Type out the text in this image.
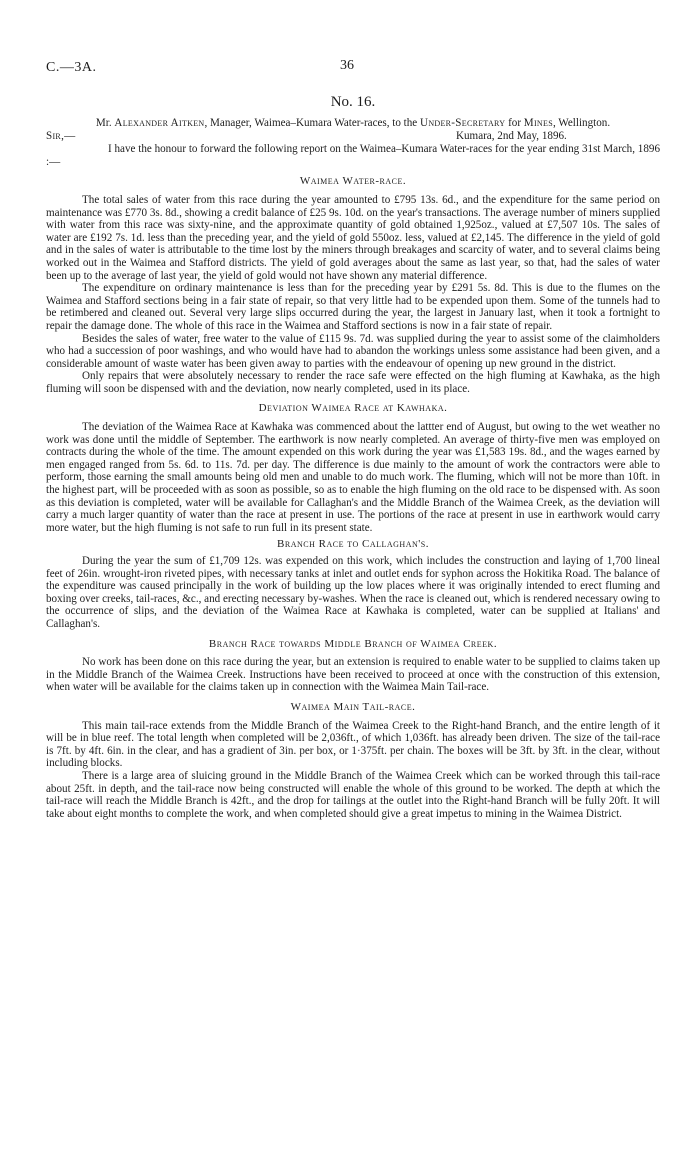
C.—3A.	36
No. 16.
Mr. Alexander Aitken, Manager, Waimea–Kumara Water-races, to the Under-Secretary for Mines, Wellington.
Sir,—	Kumara, 2nd May, 1896.

I have the honour to forward the following report on the Waimea–Kumara Water-races for the year ending 31st March, 1896 :—

Waimea Water-race.

The total sales of water from this race during the year amounted to £795 13s. 6d., and the expenditure for the same period on maintenance was £770 3s. 8d., showing a credit balance of £25 9s. 10d. on the year's transactions. The average number of miners supplied with water from this race was sixty-nine, and the approximate quantity of gold obtained 1,925oz., valued at £7,507 10s. The sales of water are £192 7s. 1d. less than the preceding year, and the yield of gold 550oz. less, valued at £2,145. The difference in the yield of gold and in the sales of water is attributable to the time lost by the miners through breakages and scarcity of water, and to several claims being worked out in the Waimea and Stafford districts. The yield of gold averages about the same as last year, so that, had the sales of water been up to the average of last year, the yield of gold would not have shown any material difference.

The expenditure on ordinary maintenance is less than for the preceding year by £291 5s. 8d. This is due to the flumes on the Waimea and Stafford sections being in a fair state of repair, so that very little had to be expended upon them. Some of the tunnels had to be retimbered and cleaned out. Several very large slips occurred during the year, the largest in January last, when it took a fortnight to repair the damage done. The whole of this race in the Waimea and Stafford sections is now in a fair state of repair.

Besides the sales of water, free water to the value of £115 9s. 7d. was supplied during the year to assist some of the claimholders who had a succession of poor washings, and who would have had to abandon the workings unless some assistance had been given, and a considerable amount of waste water has been given away to parties with the endeavour of opening up new ground in the district.

Only repairs that were absolutely necessary to render the race safe were effected on the high fluming at Kawhaka, as the high fluming will soon be dispensed with and the deviation, now nearly completed, used in its place.

Deviation Waimea Race at Kawhaka.

The deviation of the Waimea Race at Kawhaka was commenced about the lattter end of August, but owing to the wet weather no work was done until the middle of September. The earthwork is now nearly completed. An average of thirty-five men was employed on contracts during the whole of the time. The amount expended on this work during the year was £1,583 19s. 8d., and the wages earned by men engaged ranged from 5s. 6d. to 11s. 7d. per day. The difference is due mainly to the amount of work the contractors were able to perform, those earning the small amounts being old men and unable to do much work. The fluming, which will not be more than 10ft. in the highest part, will be proceeded with as soon as possible, so as to enable the high fluming on the old race to be dispensed with. As soon as this deviation is completed, water will be available for Callaghan's and the Middle Branch of the Waimea Creek, as the deviation will carry a much larger quantity of water than the race at present in use. The portions of the race at present in use in earthwork would carry more water, but the high fluming is not safe to run full in its present state.

Branch Race to Callaghan's.

During the year the sum of £1,709 12s. was expended on this work, which includes the construction and laying of 1,700 lineal feet of 26in. wrought-iron riveted pipes, with necessary tanks at inlet and outlet ends for syphon across the Hokitika Road. The balance of the expenditure was caused principally in the work of building up the low places where it was originally intended to erect fluming and boxing over creeks, tail-races, &c., and erecting necessary by-washes. When the race is cleaned out, which is rendered necessary owing to the occurrence of slips, and the deviation of the Waimea Race at Kawhaka is completed, water can be supplied at Italians' and Callaghan's.

Branch Race towards Middle Branch of Waimea Creek.

No work has been done on this race during the year, but an extension is required to enable water to be supplied to claims taken up in the Middle Branch of the Waimea Creek. Instructions have been received to proceed at once with the construction of this extension, when water will be available for the claims taken up in connection with the Waimea Main Tail-race.

Waimea Main Tail-race.

This main tail-race extends from the Middle Branch of the Waimea Creek to the Right-hand Branch, and the entire length of it will be in blue reef. The total length when completed will be 2,036ft., of which 1,036ft. has already been driven. The size of the tail-race is 7ft. by 4ft. 6in. in the clear, and has a gradient of 3in. per box, or 1·375ft. per chain. The boxes will be 3ft. by 3ft. in the clear, without including blocks.

There is a large area of sluicing ground in the Middle Branch of the Waimea Creek which can be worked through this tail-race about 25ft. in depth, and the tail-race now being constructed will enable the whole of this ground to be worked. The depth at which the tail-race will reach the Middle Branch is 42ft., and the drop for tailings at the outlet into the Right-hand Branch will be fully 20ft. It will take about eight months to complete the work, and when completed should give a great impetus to mining in the Waimea District.
